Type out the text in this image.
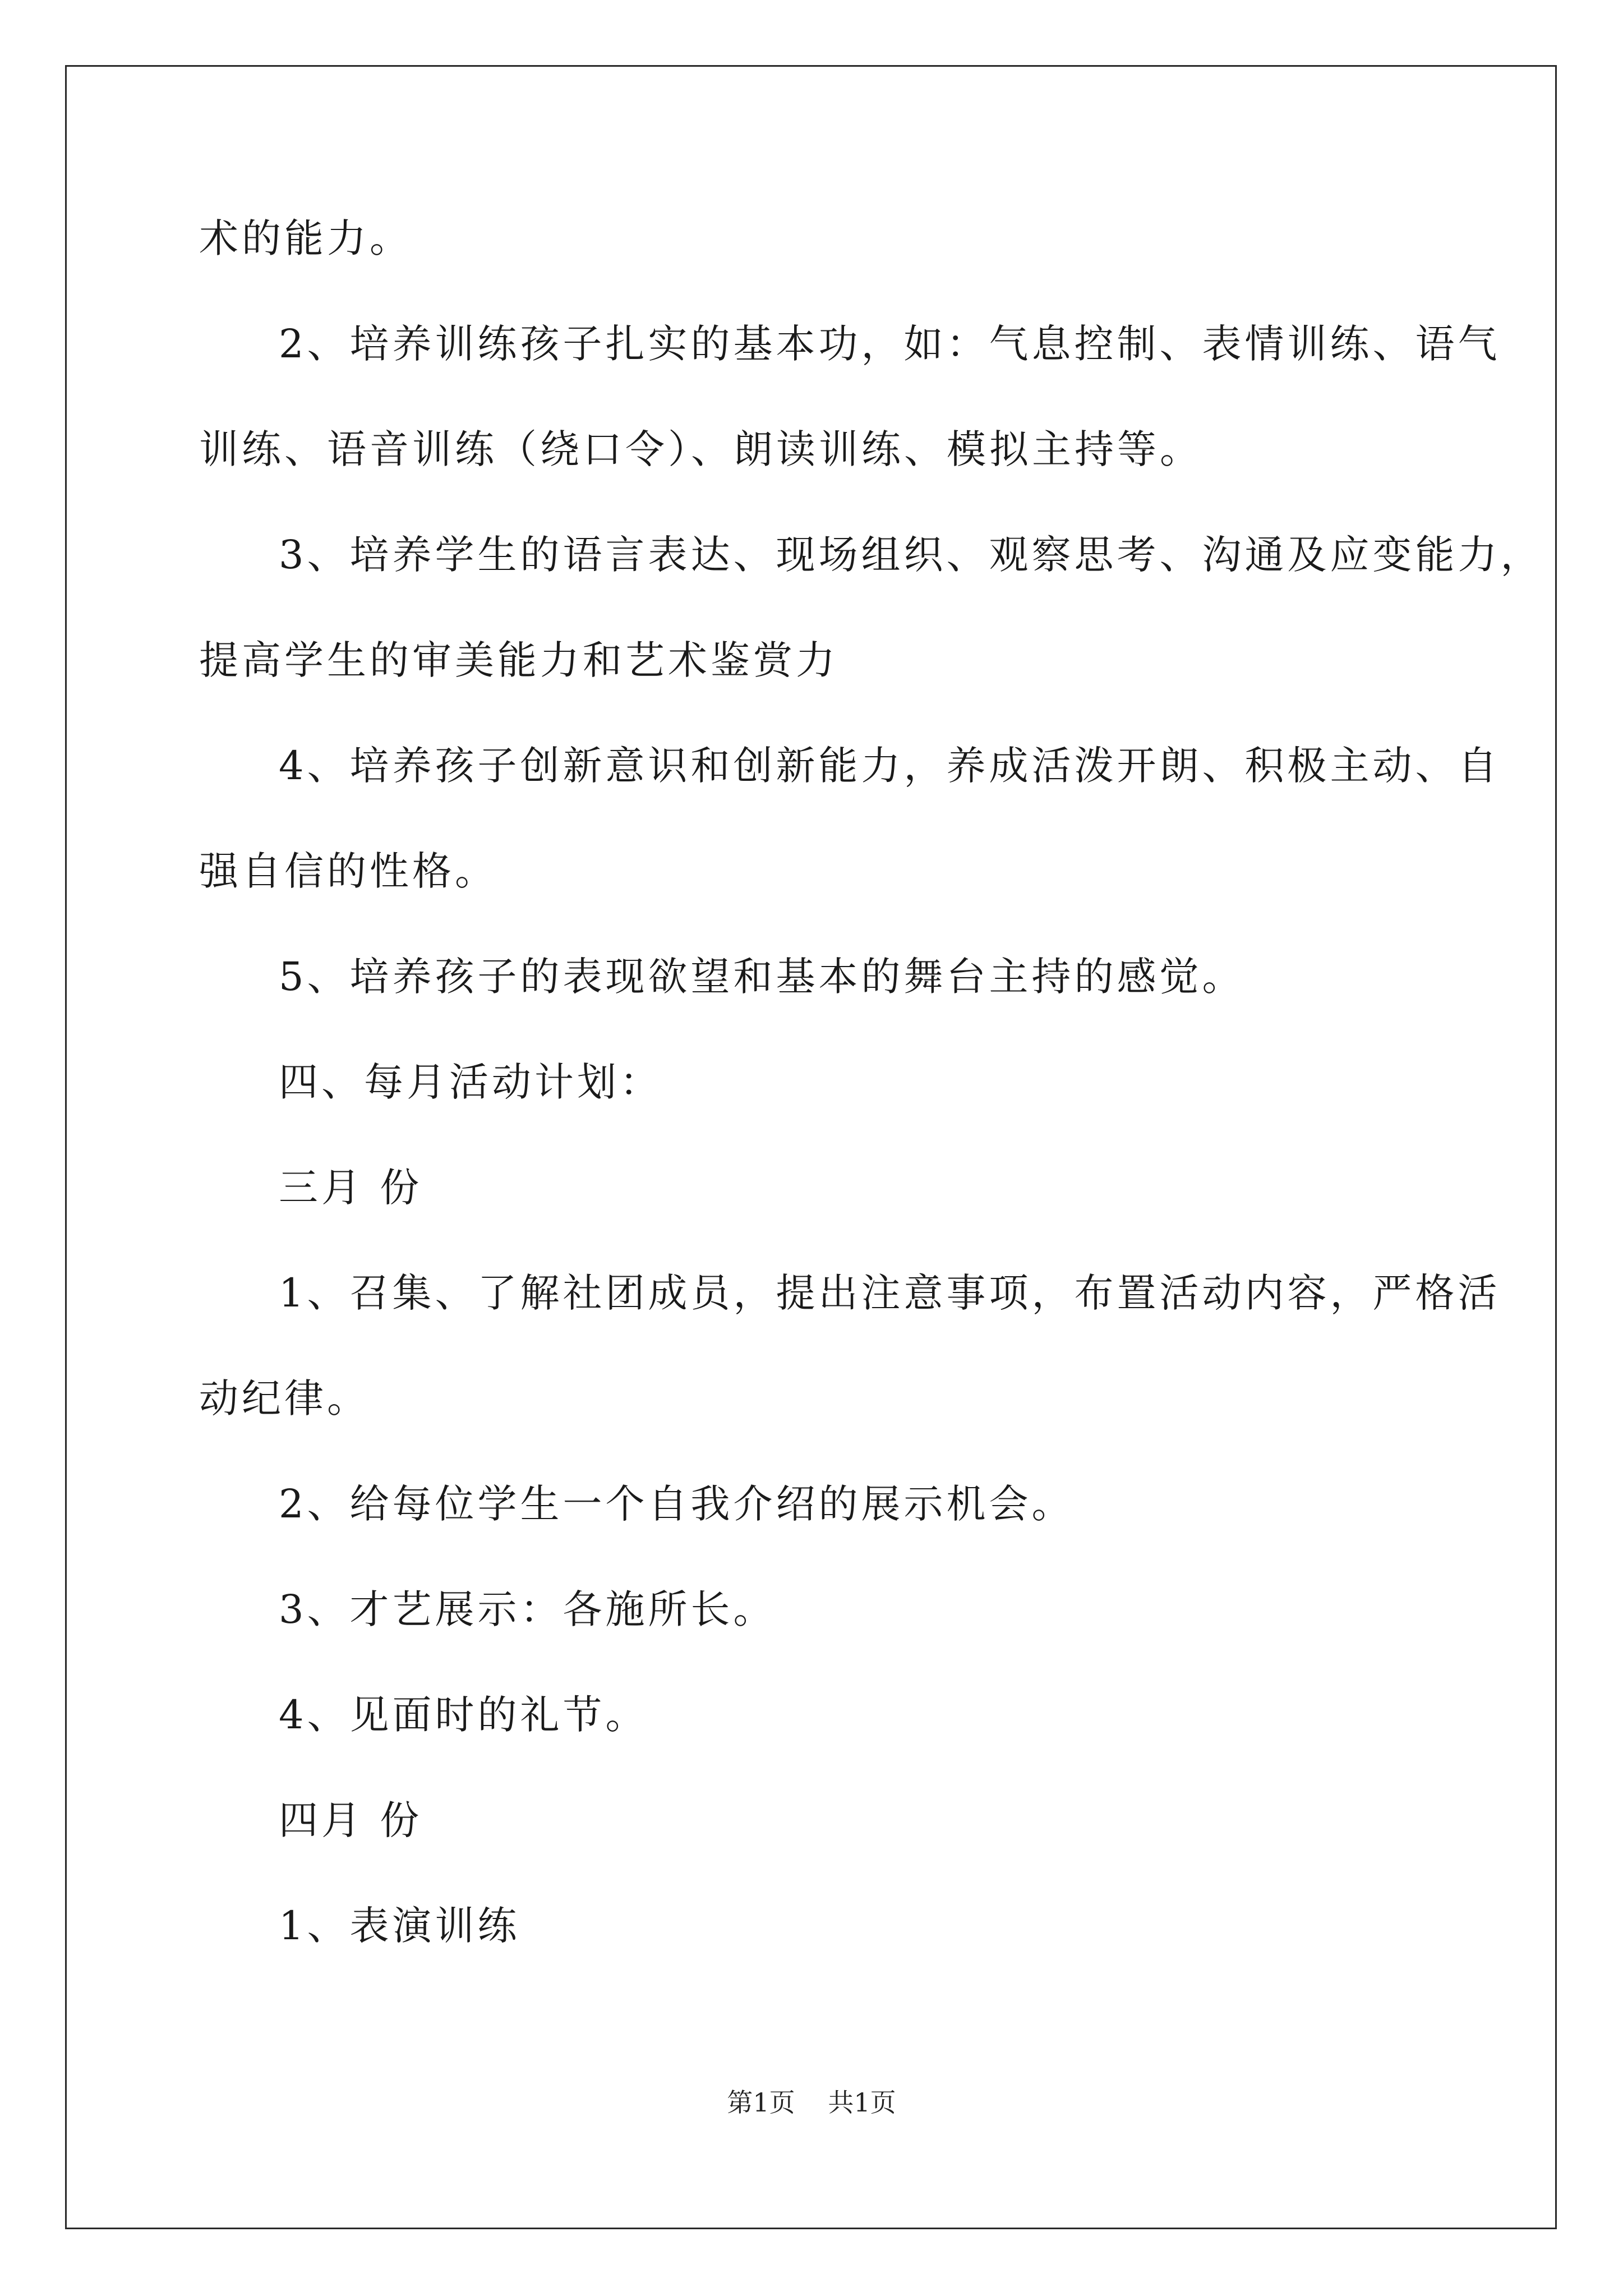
术的能力。
2、培养训练孩子扎实的基本功，如：气息控制、表情训练、语气
训练、语音训练（绕口令）、朗读训练、模拟主持等。
3、培养学生的语言表达、现场组织、观察思考、沟通及应变能力，
提高学生的审美能力和艺术鉴赏力
4、培养孩子创新意识和创新能力，养成活泼开朗、积极主动、自
强自信的性格。
5、培养孩子的表现欲望和基本的舞台主持的感觉。
四、每月活动计划：
三月 份
1、召集、了解社团成员，提出注意事项，布置活动内容，严格活
动纪律。
2、给每位学生一个自我介绍的展示机会。
3、才艺展示：各施所长。
4、见面时的礼节。
四月 份
1、表演训练
第1页 共1页
